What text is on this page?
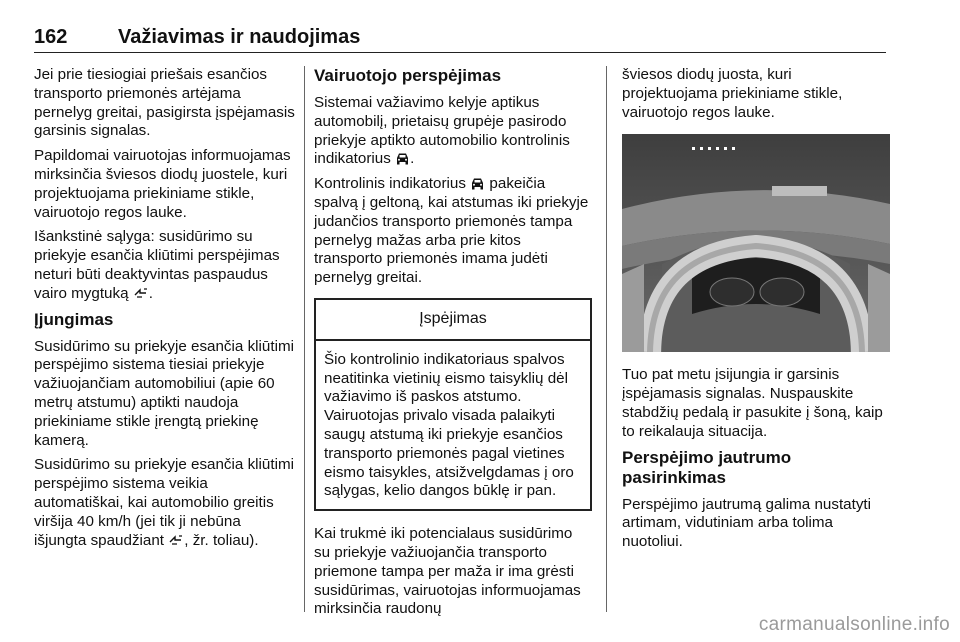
162	Važiavimas ir naudojimas

Jei prie tiesiogiai priešais esančios transporto priemonės artėjama pernelyg greitai, pasigirsta įspėjamasis garsinis signalas.

Papildomai vairuotojas informuojamas mirksinčia šviesos diodų juostele, kuri projektuojama priekiniame stikle, vairuotojo regos lauke.

Išankstinė sąlyga: susidūrimo su priekyje esančia kliūtimi perspėjimas neturi būti deaktyvintas paspaudus vairo mygtuką .

Įjungimas

Susidūrimo su priekyje esančia kliūtimi perspėjimo sistema tiesiai priekyje važiuojančiam automobiliui (apie 60 metrų atstumu) aptikti naudoja priekiniame stikle įrengtą priekinę kamerą.

Susidūrimo su priekyje esančia kliūtimi perspėjimo sistema veikia automatiškai, kai automobilio greitis viršija 40 km/h (jei tik ji nebūna išjungta spaudžiant , žr. toliau).

Vairuotojo perspėjimas

Sistemai važiavimo kelyje aptikus automobilį, prietaisų grupėje pasirodo priekyje aptikto automobilio kontrolinis indikatorius .

Kontrolinis indikatorius pakeičia spalvą į geltoną, kai atstumas iki priekyje judančios transporto priemonės tampa pernelyg mažas arba prie kitos transporto priemonės imama judėti pernelyg greitai.

Įspėjimas
Šio kontrolinio indikatoriaus spalvos neatitinka vietinių eismo taisyklių dėl važiavimo iš paskos atstumo. Vairuotojas privalo visada palaikyti saugų atstumą iki priekyje esančios transporto priemonės pagal vietines eismo taisykles, atsižvelgdamas į oro sąlygas, kelio dangos būklę ir pan.

Kai trukmė iki potencialaus susidūrimo su priekyje važiuojančia transporto priemone tampa per maža ir ima grėsti susidūrimas, vairuotojas informuojamas mirksinčia raudonų

šviesos diodų juosta, kuri projektuojama priekiniame stikle, vairuotojo regos lauke.

Tuo pat metu įsijungia ir garsinis įspėjamasis signalas. Nuspauskite stabdžių pedalą ir pasukite į šoną, kaip to reikalauja situacija.

Perspėjimo jautrumo pasirinkimas

Perspėjimo jautrumą galima nustatyti artimam, vidutiniam arba tolima nuotoliui.

carmanualsonline.info
